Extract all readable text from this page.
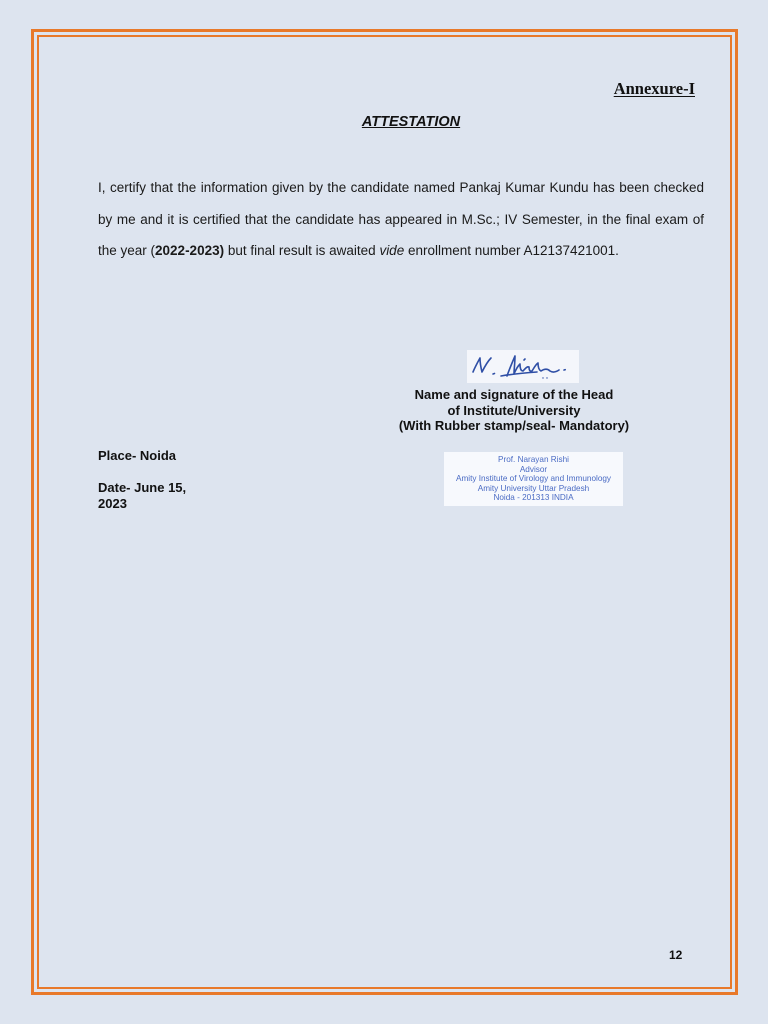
Annexure-I
ATTESTATION
I, certify that the information given by the candidate named Pankaj Kumar Kundu has been checked by me and it is certified that the candidate has appeared in M.Sc.; IV Semester, in the final exam of the year (2022-2023) but final result is awaited vide enrollment number A12137421001.
Name and signature of the Head
of Institute/University
(With Rubber stamp/seal- Mandatory)
Place- Noida
Date- June 15,
2023
Prof. Narayan Rishi
Advisor
Amity Institute of Virology and Immunology
Amity University Uttar Pradesh
Noida - 201313 INDIA
12
